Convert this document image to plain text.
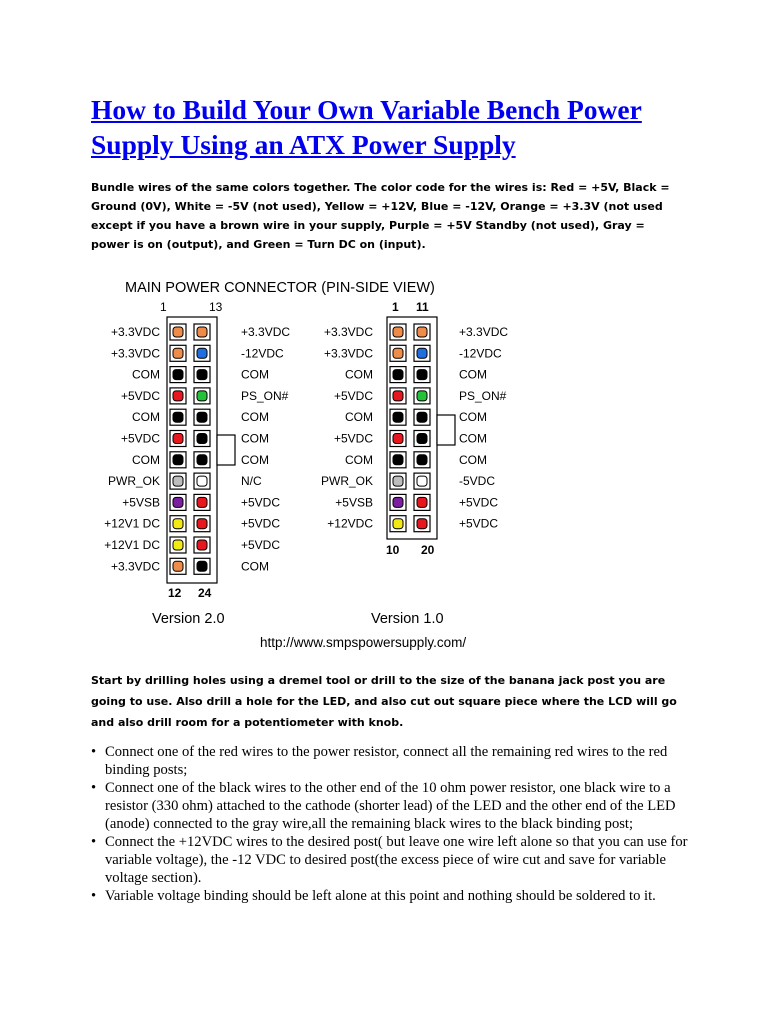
How to Build Your Own Variable Bench Power Supply Using an ATX Power Supply
Bundle wires of the same colors together. The color code for the wires is: Red = +5V, Black = Ground (0V), White = -5V (not used), Yellow = +12V, Blue = -12V, Orange = +3.3V (not used except if you have a brown wire in your supply, Purple = +5V Standby (not used), Gray = power is on (output), and Green = Turn DC on (input).
MAIN POWER CONNECTOR (PIN-SIDE VIEW)
1	13
12 24
Version 2.0
+3.3VDC	+3.3VDC
+3.3VDC	-12VDC
COM	COM
+5VDC	PS_ON#
COM	COM
+5VDC	COM
COM	COM
PWR_OK	N/C
+5VSB	+5VDC
+12V1 DC	+5VDC
+12V1 DC	+5VDC
+3.3VDC	COM
1 11
10 20
Version 1.0
+3.3VDC	+3.3VDC
+3.3VDC	-12VDC
COM	COM
+5VDC	PS_ON#
COM	COM
+5VDC	COM
COM	COM
PWR_OK	-5VDC
+5VSB	+5VDC
+12VDC	+5VDC
http://www.smpspowersupply.com/
Start by drilling holes using a dremel tool or drill to the size of the banana jack post you are going to use. Also drill a hole for the LED, and also cut out square piece where the LCD will go and also drill room for a potentiometer with knob.
• Connect one of the red wires to the power resistor, connect all the remaining red wires to the red binding posts;
• Connect one of the black wires to the other end of the 10 ohm power resistor, one black wire to a resistor (330 ohm) attached to the cathode (shorter lead) of the LED and the other end of the LED (anode) connected to the gray wire,all the remaining black wires to the black binding post;
• Connect the +12VDC wires to the desired post( but leave one wire left alone so that you can use for variable voltage), the -12 VDC to desired post(the excess piece of wire cut and save for variable voltage section).
• Variable voltage binding should be left alone at this point and nothing should be soldered to it.
